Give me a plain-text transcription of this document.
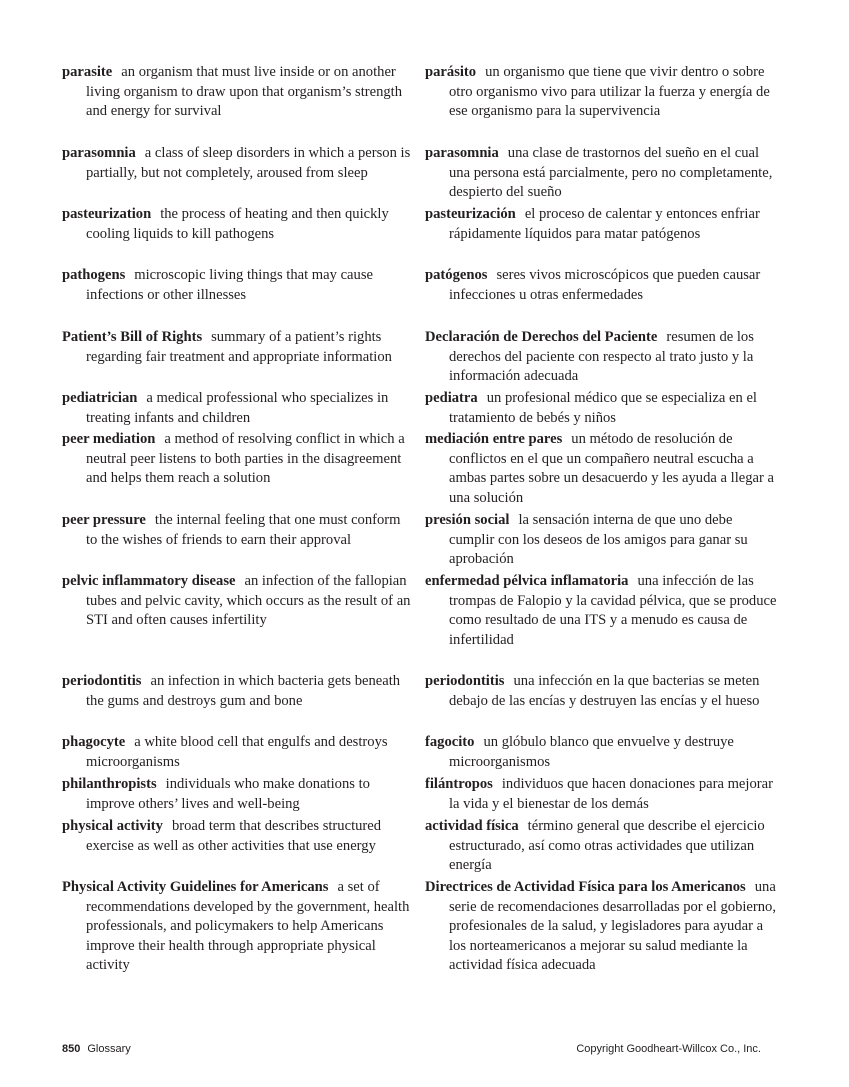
parasite an organism that must live inside or on another living organism to draw upon that organism’s strength and energy for survival
parasomnia a class of sleep disorders in which a person is partially, but not completely, aroused from sleep
pasteurization the process of heating and then quickly cooling liquids to kill pathogens
pathogens microscopic living things that may cause infections or other illnesses
Patient’s Bill of Rights summary of a patient’s rights regarding fair treatment and appropriate information
pediatrician a medical professional who specializes in treating infants and children
peer mediation a method of resolving conflict in which a neutral peer listens to both parties in the disagreement and helps them reach a solution
peer pressure the internal feeling that one must conform to the wishes of friends to earn their approval
pelvic inflammatory disease an infection of the fallopian tubes and pelvic cavity, which occurs as the result of an STI and often causes infertility
periodontitis an infection in which bacteria gets beneath the gums and destroys gum and bone
phagocyte a white blood cell that engulfs and destroys microorganisms
philanthropists individuals who make donations to improve others’ lives and well-being
physical activity broad term that describes structured exercise as well as other activities that use energy
Physical Activity Guidelines for Americans a set of recommendations developed by the government, health professionals, and policymakers to help Americans improve their health through appropriate physical activity
parásito un organismo que tiene que vivir dentro o sobre otro organismo vivo para utilizar la fuerza y energía de ese organismo para la supervivencia
parasomnia una clase de trastornos del sueño en el cual una persona está parcialmente, pero no completamente, despierto del sueño
pasteurización el proceso de calentar y entonces enfriar rápidamente líquidos para matar patógenos
patógenos seres vivos microscópicos que pueden causar infecciones u otras enfermedades
Declaración de Derechos del Paciente resumen de los derechos del paciente con respecto al trato justo y la información adecuada
pediatra un profesional médico que se especializa en el tratamiento de bebés y niños
mediación entre pares un método de resolución de conflictos en el que un compañero neutral escucha a ambas partes sobre un desacuerdo y les ayuda a llegar a una solución
presión social la sensación interna de que uno debe cumplir con los deseos de los amigos para ganar su aprobación
enfermedad pélvica inflamatoria una infección de las trompas de Falopio y la cavidad pélvica, que se produce como resultado de una ITS y a menudo es causa de infertilidad
periodontitis una infección en la que bacterias se meten debajo de las encías y destruyen las encías y el hueso
fagocito un glóbulo blanco que envuelve y destruye microorganismos
filántropos individuos que hacen donaciones para mejorar la vida y el bienestar de los demás
actividad física término general que describe el ejercicio estructurado, así como otras actividades que utilizan energía
Directrices de Actividad Física para los Americanos una serie de recomendaciones desarrolladas por el gobierno, profesionales de la salud, y legisladores para ayudar a los norteamericanos a mejorar su salud mediante la actividad física adecuada
850 Glossary	Copyright Goodheart-Willcox Co., Inc.
